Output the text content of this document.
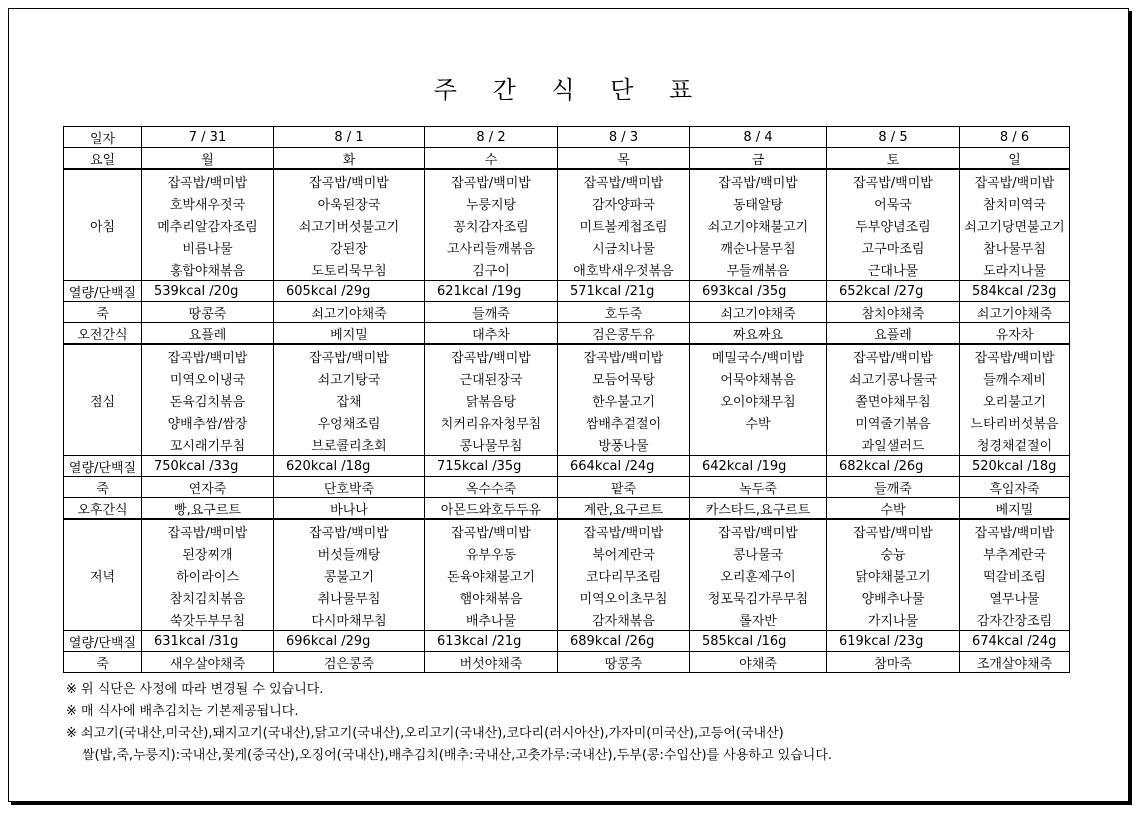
주 간 식 단 표
일자	7 / 31	8 / 1	8 / 2	8 / 3	8 / 4	8 / 5	8 / 6
요일	월	화	수	목	금	토	일
아침	잡곡밥/백미밥	잡곡밥/백미밥	잡곡밥/백미밥	잡곡밥/백미밥	잡곡밥/백미밥	잡곡밥/백미밥	잡곡밥/백미밥
	호박새우젓국	아욱된장국	누룽지탕	감자양파국	동태알탕	어묵국	참치미역국
	메추리알감자조림	쇠고기버섯불고기	꽁치감자조림	미트볼케첩조림	쇠고기야채불고기	두부양념조림	쇠고기당면불고기
	비름나물	강된장	고사리들깨볶음	시금치나물	깨순나물무침	고구마조림	참나물무침
	홍합야채볶음	도토리묵무침	김구이	애호박새우젓볶음	무들깨볶음	근대나물	도라지나물
열량/단백질	539kcal /20g	605kcal /29g	621kcal /19g	571kcal /21g	693kcal /35g	652kcal /27g	584kcal /23g
죽	땅콩죽	쇠고기야채죽	들깨죽	호두죽	쇠고기야채죽	참치야채죽	쇠고기야채죽
오전간식	요플레	베지밀	대추차	검은콩두유	짜요짜요	요플레	유자차
점심	잡곡밥/백미밥	잡곡밥/백미밥	잡곡밥/백미밥	잡곡밥/백미밥	메밀국수/백미밥	잡곡밥/백미밥	잡곡밥/백미밥
	미역오이냉국	쇠고기탕국	근대된장국	모듬어묵탕	어묵야채볶음	쇠고기콩나물국	들깨수제비
	돈육김치볶음	잡채	닭볶음탕	한우불고기	오이야채무침	쫄면야채무침	오리불고기
	양배추쌈/쌈장	우엉채조림	치커리유자청무침	쌈배추겉절이	수박	미역줄기볶음	느타리버섯볶음
	꼬시래기무침	브로콜리초회	콩나물무침	방풍나물		과일샐러드	청경채겉절이
열량/단백질	750kcal /33g	620kcal /18g	715kcal /35g	664kcal /24g	642kcal /19g	682kcal /26g	520kcal /18g
죽	연자죽	단호박죽	옥수수죽	팥죽	녹두죽	들깨죽	흑임자죽
오후간식	빵,요구르트	바나나	아몬드와호두두유	계란,요구르트	카스타드,요구르트	수박	베지밀
저녁	잡곡밥/백미밥	잡곡밥/백미밥	잡곡밥/백미밥	잡곡밥/백미밥	잡곡밥/백미밥	잡곡밥/백미밥	잡곡밥/백미밥
	된장찌개	버섯들깨탕	유부우동	북어계란국	콩나물국	숭늉	부추계란국
	하이라이스	콩불고기	돈육야채불고기	코다리무조림	오리훈제구이	닭야채불고기	떡갈비조림
	참치김치볶음	취나물무침	햄야채볶음	미역오이초무침	청포묵김가루무침	양배추나물	열무나물
	쑥갓두부무침	다시마채무침	배추나물	감자채볶음	롤자반	가지나물	감자간장조림
열량/단백질	631kcal /31g	696kcal /29g	613kcal /21g	689kcal /26g	585kcal /16g	619kcal /23g	674kcal /24g
죽	새우살야채죽	검은콩죽	버섯야채죽	땅콩죽	야채죽	참마죽	조개살야채죽
※ 위 식단은 사정에 따라 변경될 수 있습니다.
※ 매 식사에 배추김치는 기본제공됩니다.
※ 쇠고기(국내산,미국산),돼지고기(국내산),닭고기(국내산),오리고기(국내산),코다리(러시아산),가자미(미국산),고등어(국내산)
쌀(밥,죽,누룽지):국내산,꽃게(중국산),오징어(국내산),배추김치(배추:국내산,고춧가루:국내산),두부(콩:수입산)를 사용하고 있습니다.
